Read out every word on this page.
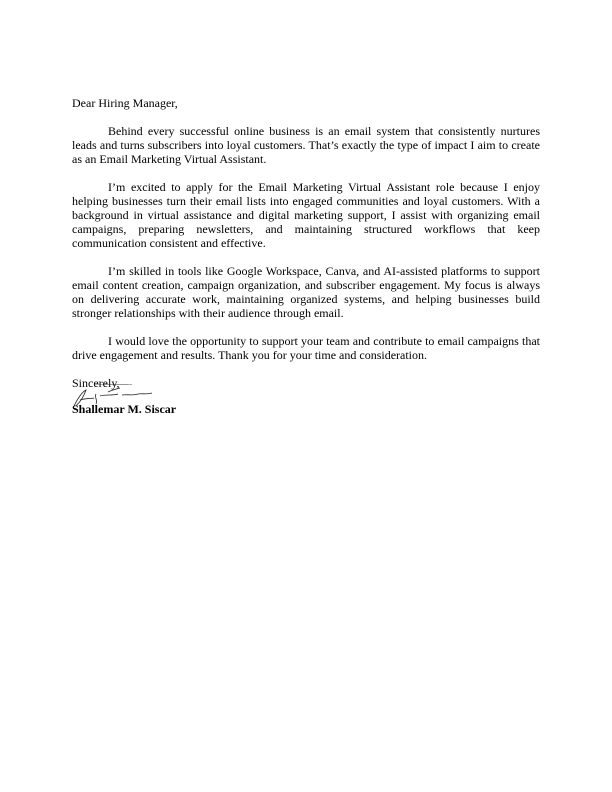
Dear Hiring Manager,

Behind every successful online business is an email system that consistently nurtures leads and turns subscribers into loyal customers. That’s exactly the type of impact I aim to create as an Email Marketing Virtual Assistant.

I’m excited to apply for the Email Marketing Virtual Assistant role because I enjoy helping businesses turn their email lists into engaged communities and loyal customers. With a background in virtual assistance and digital marketing support, I assist with organizing email campaigns, preparing newsletters, and maintaining structured workflows that keep communication consistent and effective.

I’m skilled in tools like Google Workspace, Canva, and AI-assisted platforms to support email content creation, campaign organization, and subscriber engagement. My focus is always on delivering accurate work, maintaining organized systems, and helping businesses build stronger relationships with their audience through email.

I would love the opportunity to support your team and contribute to email campaigns that drive engagement and results. Thank you for your time and consideration.

Sincerely,

Shallemar M. Siscar
